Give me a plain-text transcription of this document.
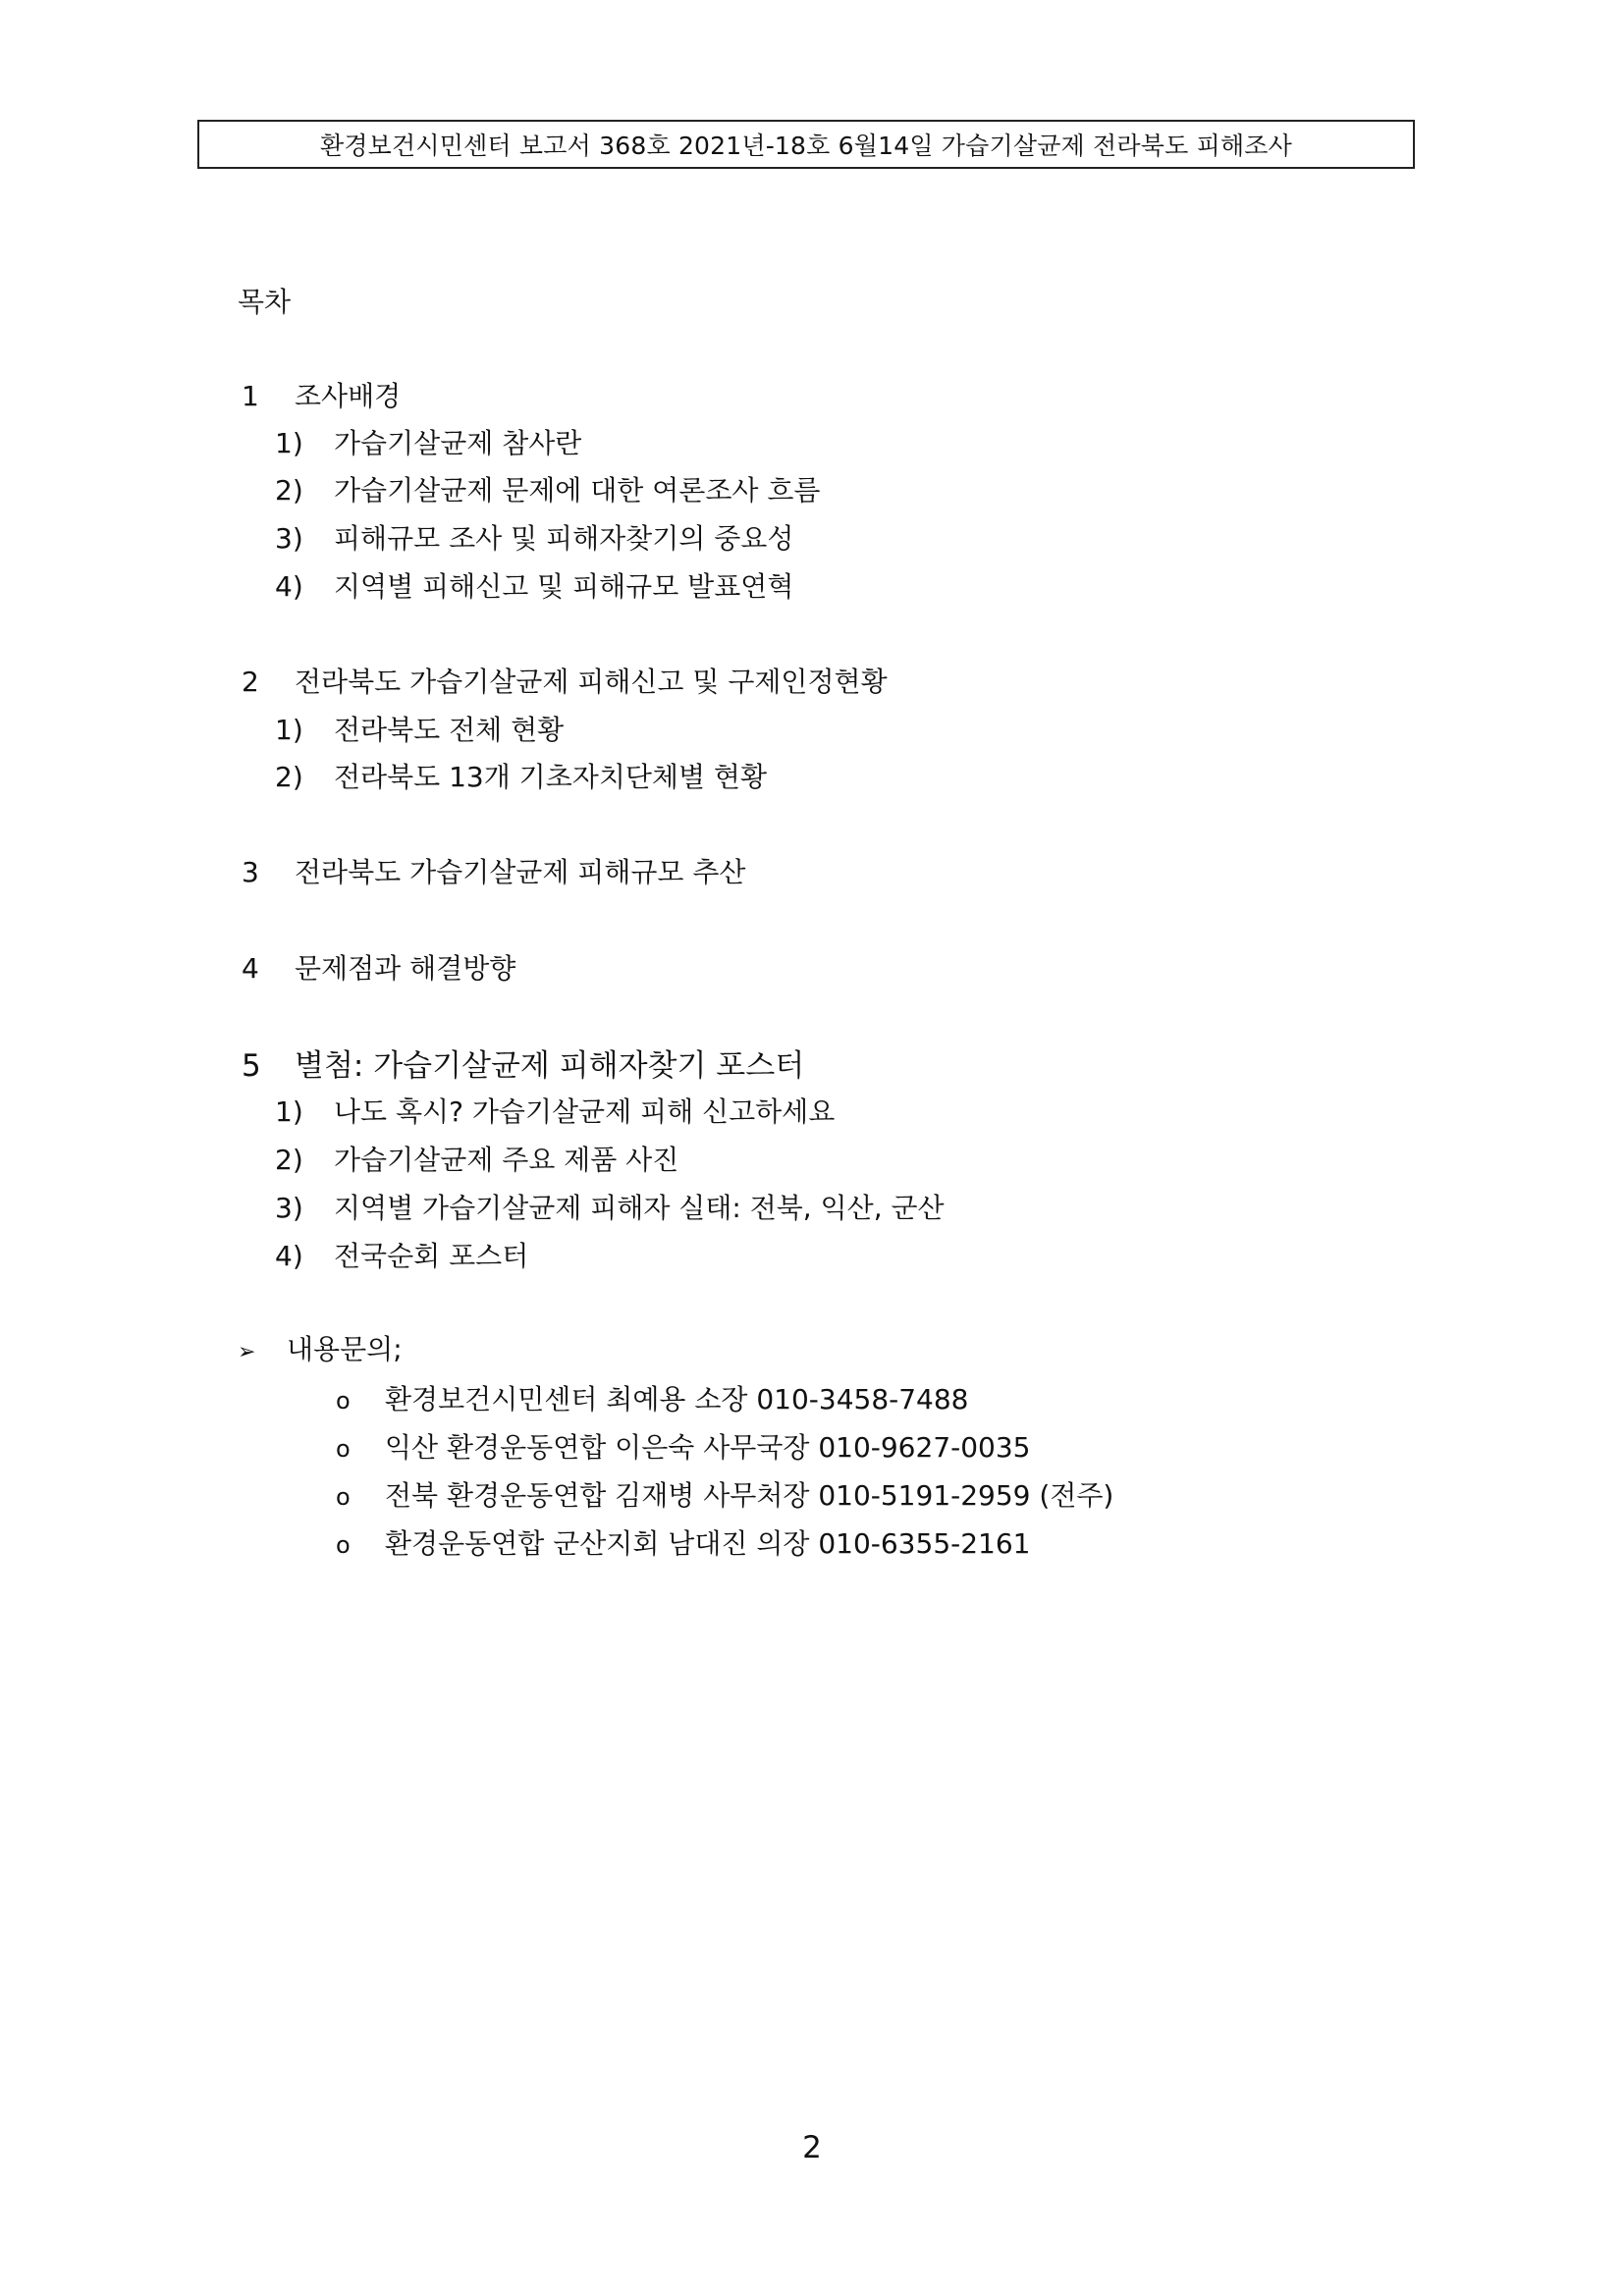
환경보건시민센터 보고서 368호 2021년-18호 6월14일 가습기살균제 전라북도 피해조사
목차
1 조사배경
1) 가습기살균제 참사란
2) 가습기살균제 문제에 대한 여론조사 흐름
3) 피해규모 조사 및 피해자찾기의 중요성
4) 지역별 피해신고 및 피해규모 발표연혁
2 전라북도 가습기살균제 피해신고 및 구제인정현황
1) 전라북도 전체 현황
2) 전라북도 13개 기초자치단체별 현황
3 전라북도 가습기살균제 피해규모 추산
4 문제점과 해결방향
5 별첨: 가습기살균제 피해자찾기 포스터
1) 나도 혹시? 가습기살균제 피해 신고하세요
2) 가습기살균제 주요 제품 사진
3) 지역별 가습기살균제 피해자 실태: 전북, 익산, 군산
4) 전국순회 포스터
➢ 내용문의;
o 환경보건시민센터 최예용 소장 010-3458-7488
o 익산 환경운동연합 이은숙 사무국장 010-9627-0035
o 전북 환경운동연합 김재병 사무처장 010-5191-2959 (전주)
o 환경운동연합 군산지회 남대진 의장 010-6355-2161
2
